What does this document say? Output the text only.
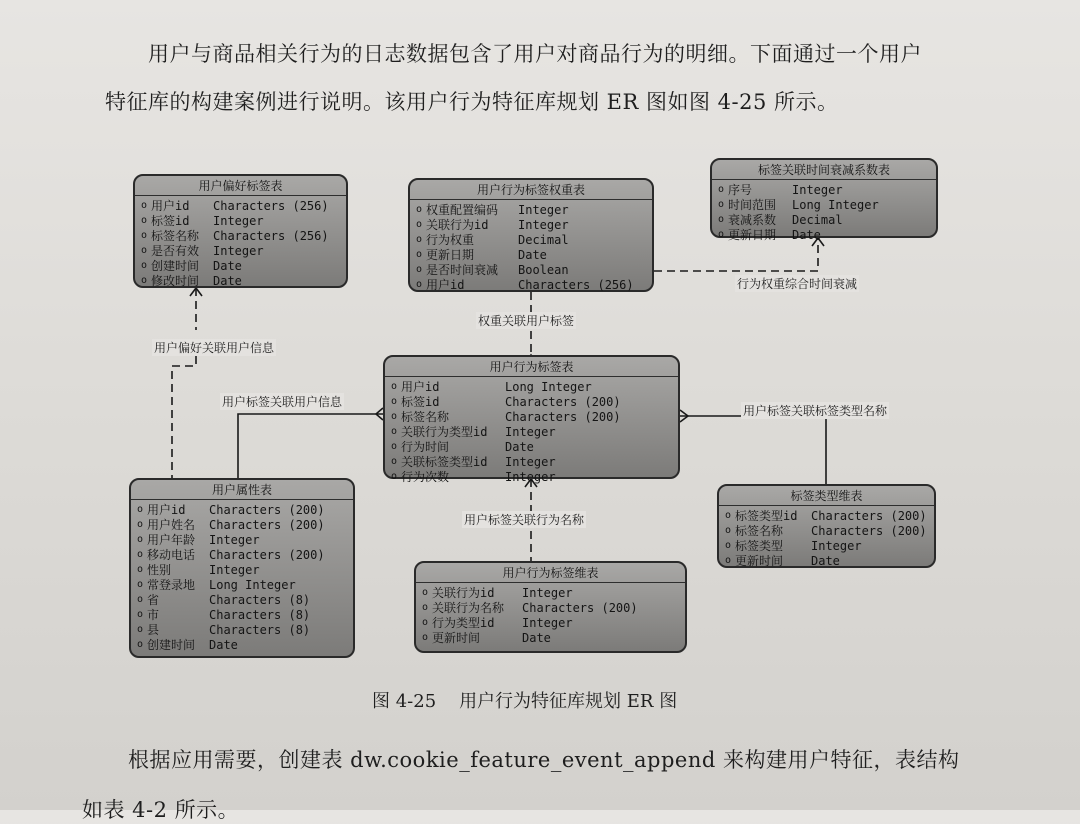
用户与商品相关行为的日志数据包含了用户对商品行为的明细。下面通过一个用户

特征库的构建案例进行说明。该用户行为特征库规划 ER 图如图 4-25 所示。

用户偏好关联用户信息
权重关联用户标签
行为权重综合时间衰减
用户标签关联用户信息
用户标签关联标签类型名称
用户标签关联行为名称
用户偏好标签表
o 用户id	Characters (256)
o 标签id	Integer
o 标签名称	Characters (256)
o 是否有效	Integer
o 创建时间	Date
o 修改时间	Date
用户行为标签权重表
o 权重配置编码	Integer
o 关联行为id	Integer
o 行为权重	Decimal
o 更新日期	Date
o 是否时间衰减	Boolean
o 用户id	Characters (256)
标签关联时间衰减系数表
o 序号	Integer
o 时间范围	Long Integer
o 衰减系数	Decimal
o 更新日期	Date
用户行为标签表
o 用户id	Long Integer
o 标签id	Characters (200)
o 标签名称	Characters (200)
o 关联行为类型id	Integer
o 行为时间	Date
o 关联标签类型id	Integer
o 行为次数	Integer
用户属性表
o 用户id	Characters (200)
o 用户姓名	Characters (200)
o 用户年龄	Integer
o 移动电话	Characters (200)
o 性别	Integer
o 常登录地	Long Integer
o 省	Characters (8)
o 市	Characters (8)
o 县	Characters (8)
o 创建时间	Date
用户行为标签维表
o 关联行为id	Integer
o 关联行为名称	Characters (200)
o 行为类型id	Integer
o 更新时间	Date
标签类型维表
o 标签类型id	Characters (200)
o 标签名称	Characters (200)
o 标签类型	Integer
o 更新时间	Date
图 4-25 用户行为特征库规划 ER 图

根据应用需要，创建表 dw.cookie_feature_event_append 来构建用户特征，表结构

如表 4-2 所示。
